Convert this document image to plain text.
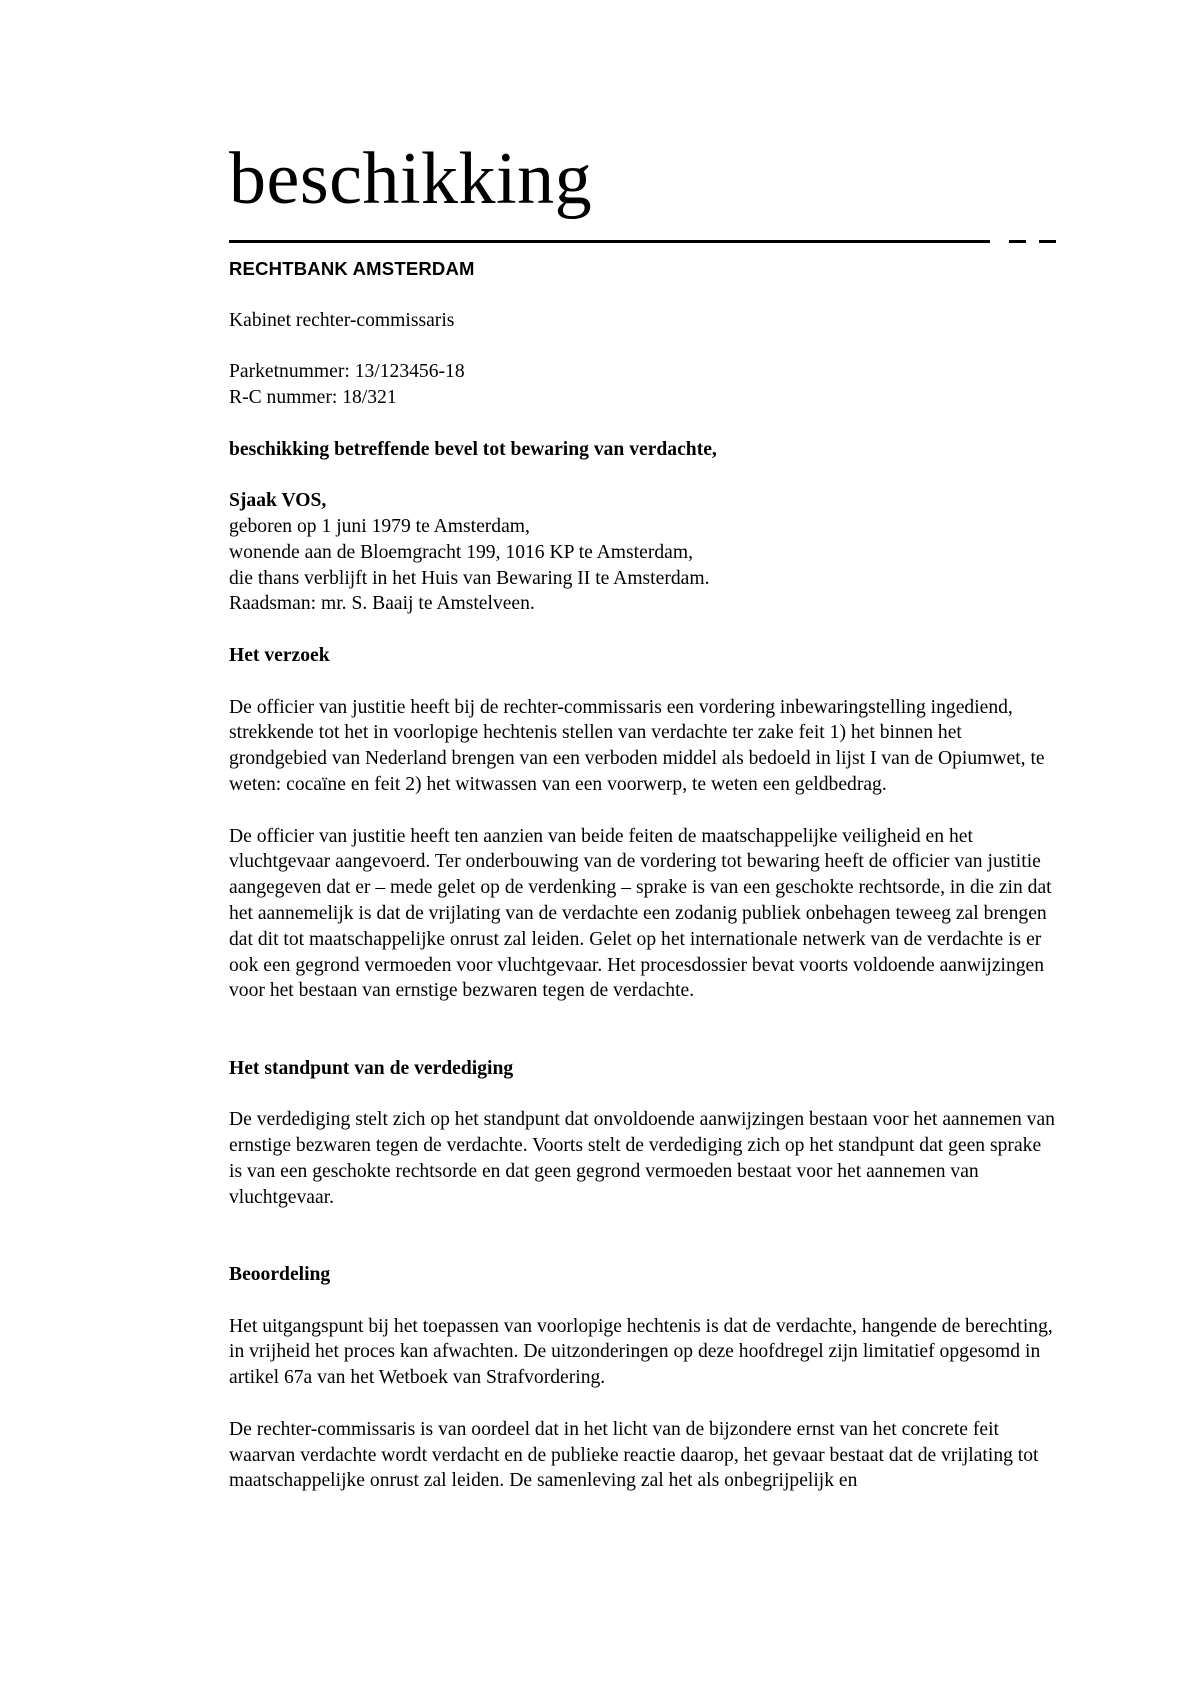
beschikking

RECHTBANK AMSTERDAM

Kabinet rechter-commissaris

Parketnummer: 13/123456-18

R-C nummer: 18/321

beschikking betreffende bevel tot bewaring van verdachte,

Sjaak VOS,

geboren op 1 juni 1979 te Amsterdam,

wonende aan de Bloemgracht 199, 1016 KP te Amsterdam,

die thans verblijft in het Huis van Bewaring II te Amsterdam.

Raadsman: mr. S. Baaij te Amstelveen.

Het verzoek

De officier van justitie heeft bij de rechter-commissaris een vordering inbewaringstelling ingediend, strekkende tot het in voorlopige hechtenis stellen van verdachte ter zake feit 1) het binnen het grondgebied van Nederland brengen van een verboden middel als bedoeld in lijst I van de Opiumwet, te weten: cocaïne en feit 2) het witwassen van een voorwerp, te weten een geldbedrag.

De officier van justitie heeft ten aanzien van beide feiten de maatschappelijke veiligheid en het vluchtgevaar aangevoerd. Ter onderbouwing van de vordering tot bewaring heeft de officier van justitie aangegeven dat er – mede gelet op de verdenking – sprake is van een geschokte rechtsorde, in die zin dat het aannemelijk is dat de vrijlating van de verdachte een zodanig publiek onbehagen teweeg zal brengen dat dit tot maatschappelijke onrust zal leiden. Gelet op het internationale netwerk van de verdachte is er ook een gegrond vermoeden voor vluchtgevaar. Het procesdossier bevat voorts voldoende aanwijzingen voor het bestaan van ernstige bezwaren tegen de verdachte.

Het standpunt van de verdediging

De verdediging stelt zich op het standpunt dat onvoldoende aanwijzingen bestaan voor het aannemen van ernstige bezwaren tegen de verdachte. Voorts stelt de verdediging zich op het standpunt dat geen sprake is van een geschokte rechtsorde en dat geen gegrond vermoeden bestaat voor het aannemen van vluchtgevaar.

Beoordeling

Het uitgangspunt bij het toepassen van voorlopige hechtenis is dat de verdachte, hangende de berechting, in vrijheid het proces kan afwachten. De uitzonderingen op deze hoofdregel zijn limitatief opgesomd in artikel 67a van het Wetboek van Strafvordering.

De rechter-commissaris is van oordeel dat in het licht van de bijzondere ernst van het concrete feit waarvan verdachte wordt verdacht en de publieke reactie daarop, het gevaar bestaat dat de vrijlating tot maatschappelijke onrust zal leiden. De samenleving zal het als onbegrijpelijk en
